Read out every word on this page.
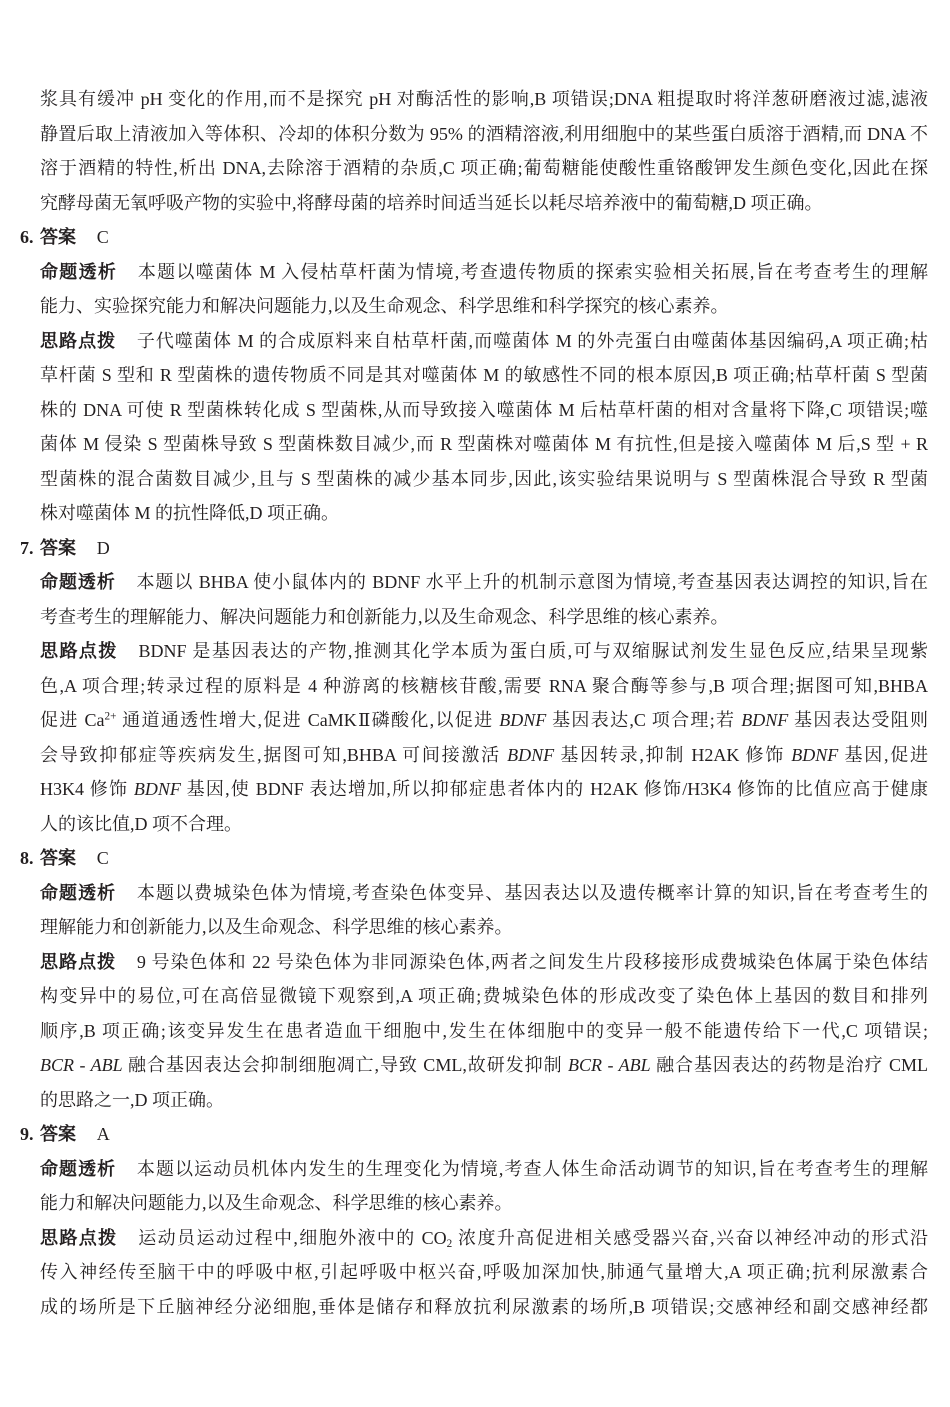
浆具有缓冲 pH 变化的作用,而不是探究 pH 对酶活性的影响,B 项错误;DNA 粗提取时将洋葱研磨液过滤,滤液
静置后取上清液加入等体积、冷却的体积分数为 95% 的酒精溶液,利用细胞中的某些蛋白质溶于酒精,而 DNA 不
溶于酒精的特性,析出 DNA,去除溶于酒精的杂质,C 项正确;葡萄糖能使酸性重铬酸钾发生颜色变化,因此在探
究酵母菌无氧呼吸产物的实验中,将酵母菌的培养时间适当延长以耗尽培养液中的葡萄糖,D 项正确。
6. 答案 C
命题透析 本题以噬菌体 M 入侵枯草杆菌为情境,考查遗传物质的探索实验相关拓展,旨在考查考生的理解
能力、实验探究能力和解决问题能力,以及生命观念、科学思维和科学探究的核心素养。
思路点拨 子代噬菌体 M 的合成原料来自枯草杆菌,而噬菌体 M 的外壳蛋白由噬菌体基因编码,A 项正确;枯
草杆菌 S 型和 R 型菌株的遗传物质不同是其对噬菌体 M 的敏感性不同的根本原因,B 项正确;枯草杆菌 S 型菌
株的 DNA 可使 R 型菌株转化成 S 型菌株,从而导致接入噬菌体 M 后枯草杆菌的相对含量将下降,C 项错误;噬
菌体 M 侵染 S 型菌株导致 S 型菌株数目减少,而 R 型菌株对噬菌体 M 有抗性,但是接入噬菌体 M 后,S 型 + R
型菌株的混合菌数目减少,且与 S 型菌株的减少基本同步,因此,该实验结果说明与 S 型菌株混合导致 R 型菌
株对噬菌体 M 的抗性降低,D 项正确。
7. 答案 D
命题透析 本题以 BHBA 使小鼠体内的 BDNF 水平上升的机制示意图为情境,考查基因表达调控的知识,旨在
考查考生的理解能力、解决问题能力和创新能力,以及生命观念、科学思维的核心素养。
思路点拨 BDNF 是基因表达的产物,推测其化学本质为蛋白质,可与双缩脲试剂发生显色反应,结果呈现紫
色,A 项合理;转录过程的原料是 4 种游离的核糖核苷酸,需要 RNA 聚合酶等参与,B 项合理;据图可知,BHBA
促进 $Ca^{2+}$ 通道通透性增大,促进 CaMKⅡ磷酸化,以促进 BDNF 基因表达,C 项合理;若 BDNF 基因表达受阻则
会导致抑郁症等疾病发生,据图可知,BHBA 可间接激活 BDNF 基因转录,抑制 H2AK 修饰 BDNF 基因,促进
H3K4 修饰 BDNF 基因,使 BDNF 表达增加,所以抑郁症患者体内的 H2AK 修饰/H3K4 修饰的比值应高于健康
人的该比值,D 项不合理。
8. 答案 C
命题透析 本题以费城染色体为情境,考查染色体变异、基因表达以及遗传概率计算的知识,旨在考查考生的
理解能力和创新能力,以及生命观念、科学思维的核心素养。
思路点拨 9 号染色体和 22 号染色体为非同源染色体,两者之间发生片段移接形成费城染色体属于染色体结
构变异中的易位,可在高倍显微镜下观察到,A 项正确;费城染色体的形成改变了染色体上基因的数目和排列
顺序,B 项正确;该变异发生在患者造血干细胞中,发生在体细胞中的变异一般不能遗传给下一代,C 项错误;
BCR - ABL 融合基因表达会抑制细胞凋亡,导致 CML,故研发抑制 BCR - ABL 融合基因表达的药物是治疗 CML
的思路之一,D 项正确。
9. 答案 A
命题透析 本题以运动员机体内发生的生理变化为情境,考查人体生命活动调节的知识,旨在考查考生的理解
能力和解决问题能力,以及生命观念、科学思维的核心素养。
思路点拨 运动员运动过程中,细胞外液中的 $CO_2$ 浓度升高促进相关感受器兴奋,兴奋以神经冲动的形式沿
传入神经传至脑干中的呼吸中枢,引起呼吸中枢兴奋,呼吸加深加快,肺通气量增大,A 项正确;抗利尿激素合
成的场所是下丘脑神经分泌细胞,垂体是储存和释放抗利尿激素的场所,B 项错误;交感神经和副交感神经都
